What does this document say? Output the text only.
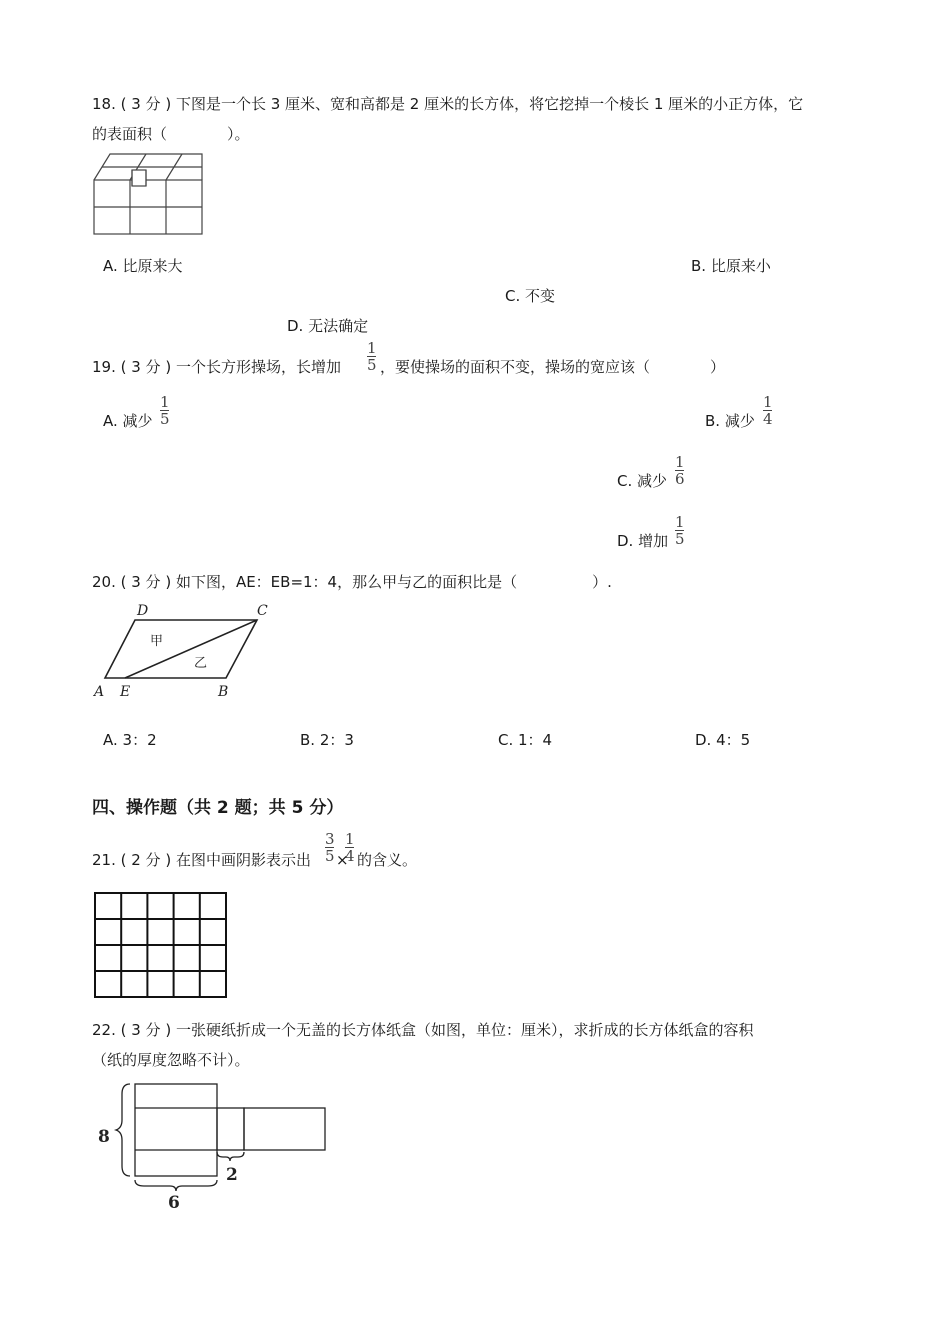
18. ( 3 分 ) 下图是一个长 3 厘米、宽和高都是 2 厘米的长方体，将它挖掉一个棱长 1 厘米的小正方体，它
的表面积（　　　　）。
A. 比原来大	B. 比原来小
C. 不变
D. 无法确定
19. ( 3 分 ) 一个长方形操场，长增加
1
5 ，要使操场的面积不变，操场的宽应该（　　　　）
A. 减少
1
5	B. 减少
1
4
C. 减少
1
6
D. 增加
1
5
20. ( 3 分 ) 如下图，AE：EB=1：4，那么甲与乙的面积比是（　　　　　）.
D	C
A E	B
甲
乙
A. 3：2	B. 2：3	C. 1：4	D. 4：5
四、操作题（共 2 题；共 5 分）
21. ( 2 分 ) 在图中画阴影表示出
3
5 ×
1
4 的含义。
22. ( 3 分 ) 一张硬纸折成一个无盖的长方体纸盒（如图，单位：厘米），求折成的长方体纸盒的容积
（纸的厚度忽略不计）。
8
6
2
